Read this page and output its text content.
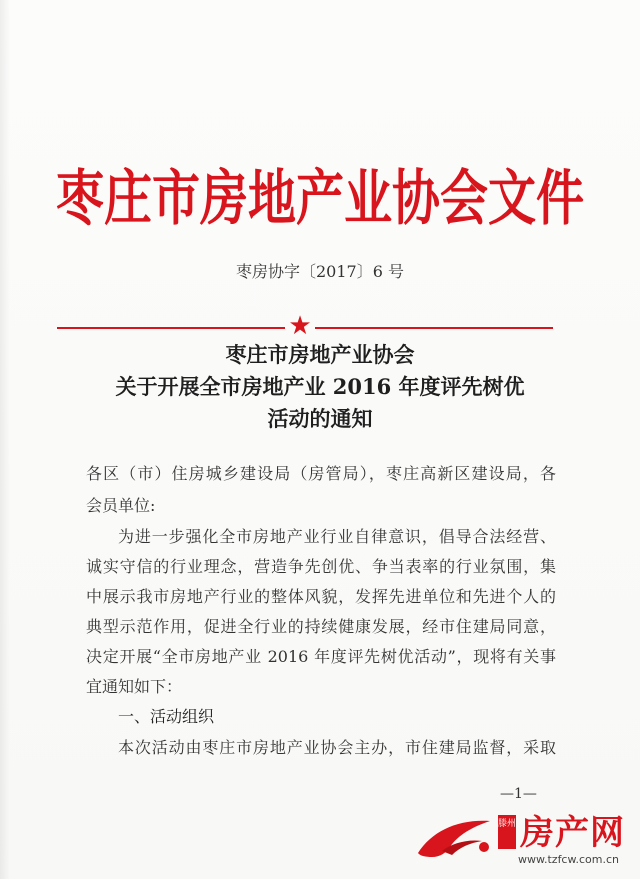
枣庄市房地产业协会文件
枣房协字〔2017〕6 号
★
枣庄市房地产业协会
关于开展全市房地产业 2016 年度评先树优
活动的通知
各区（市）住房城乡建设局（房管局），枣庄高新区建设局，各
会员单位:
为进一步强化全市房地产业行业自律意识，倡导合法经营、
诚实守信的行业理念，营造争先创优、争当表率的行业氛围，集
中展示我市房地产行业的整体风貌，发挥先进单位和先进个人的
典型示范作用，促进全行业的持续健康发展，经市住建局同意，
决定开展“全市房地产业 2016 年度评先树优活动”，现将有关事
宜通知如下：
一、活动组织
本次活动由枣庄市房地产业协会主办，市住建局监督，采取
—1—
滕州 房产网
www.tzfcw.com.cn
